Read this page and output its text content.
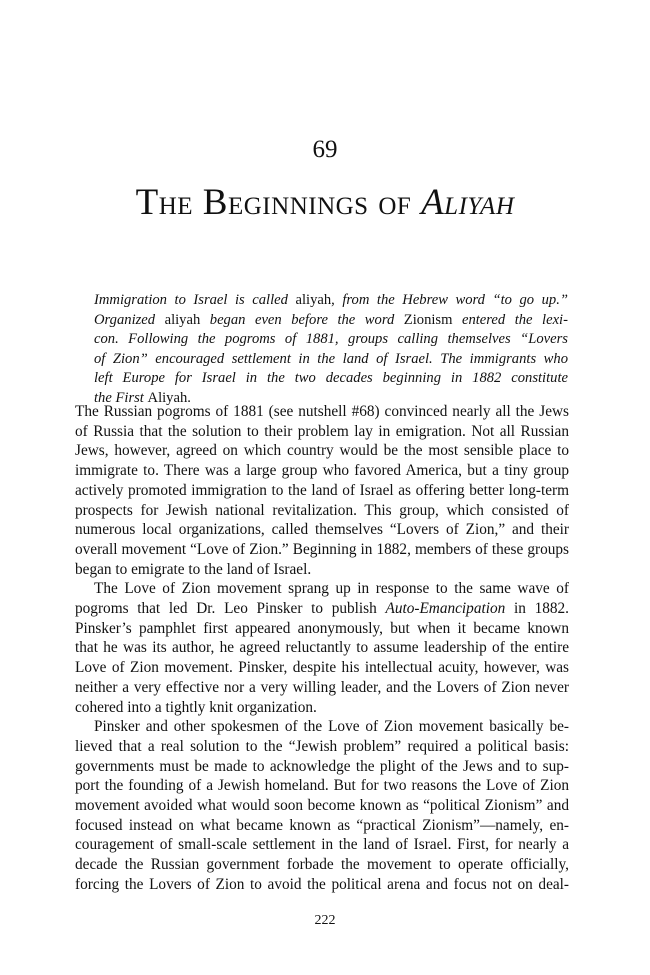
69
THE BEGINNINGS OF ALIYAH
Immigration to Israel is called aliyah, from the Hebrew word “to go up.”
Organized aliyah began even before the word Zionism entered the lexi-
con. Following the pogroms of 1881, groups calling themselves “Lovers
of Zion” encouraged settlement in the land of Israel. The immigrants who
left Europe for Israel in the two decades beginning in 1882 constitute
the First Aliyah.
The Russian pogroms of 1881 (see nutshell #68) convinced nearly all the Jews
of Russia that the solution to their problem lay in emigration. Not all Russian
Jews, however, agreed on which country would be the most sensible place to
immigrate to. There was a large group who favored America, but a tiny group
actively promoted immigration to the land of Israel as offering better long-term
prospects for Jewish national revitalization. This group, which consisted of
numerous local organizations, called themselves “Lovers of Zion,” and their
overall movement “Love of Zion.” Beginning in 1882, members of these groups
began to emigrate to the land of Israel.
The Love of Zion movement sprang up in response to the same wave of
pogroms that led Dr. Leo Pinsker to publish Auto-Emancipation in 1882.
Pinsker’s pamphlet first appeared anonymously, but when it became known
that he was its author, he agreed reluctantly to assume leadership of the entire
Love of Zion movement. Pinsker, despite his intellectual acuity, however, was
neither a very effective nor a very willing leader, and the Lovers of Zion never
cohered into a tightly knit organization.
Pinsker and other spokesmen of the Love of Zion movement basically be-
lieved that a real solution to the “Jewish problem” required a political basis:
governments must be made to acknowledge the plight of the Jews and to sup-
port the founding of a Jewish homeland. But for two reasons the Love of Zion
movement avoided what would soon become known as “political Zionism” and
focused instead on what became known as “practical Zionism”—namely, en-
couragement of small-scale settlement in the land of Israel. First, for nearly a
decade the Russian government forbade the movement to operate officially,
forcing the Lovers of Zion to avoid the political arena and focus not on deal-
222
